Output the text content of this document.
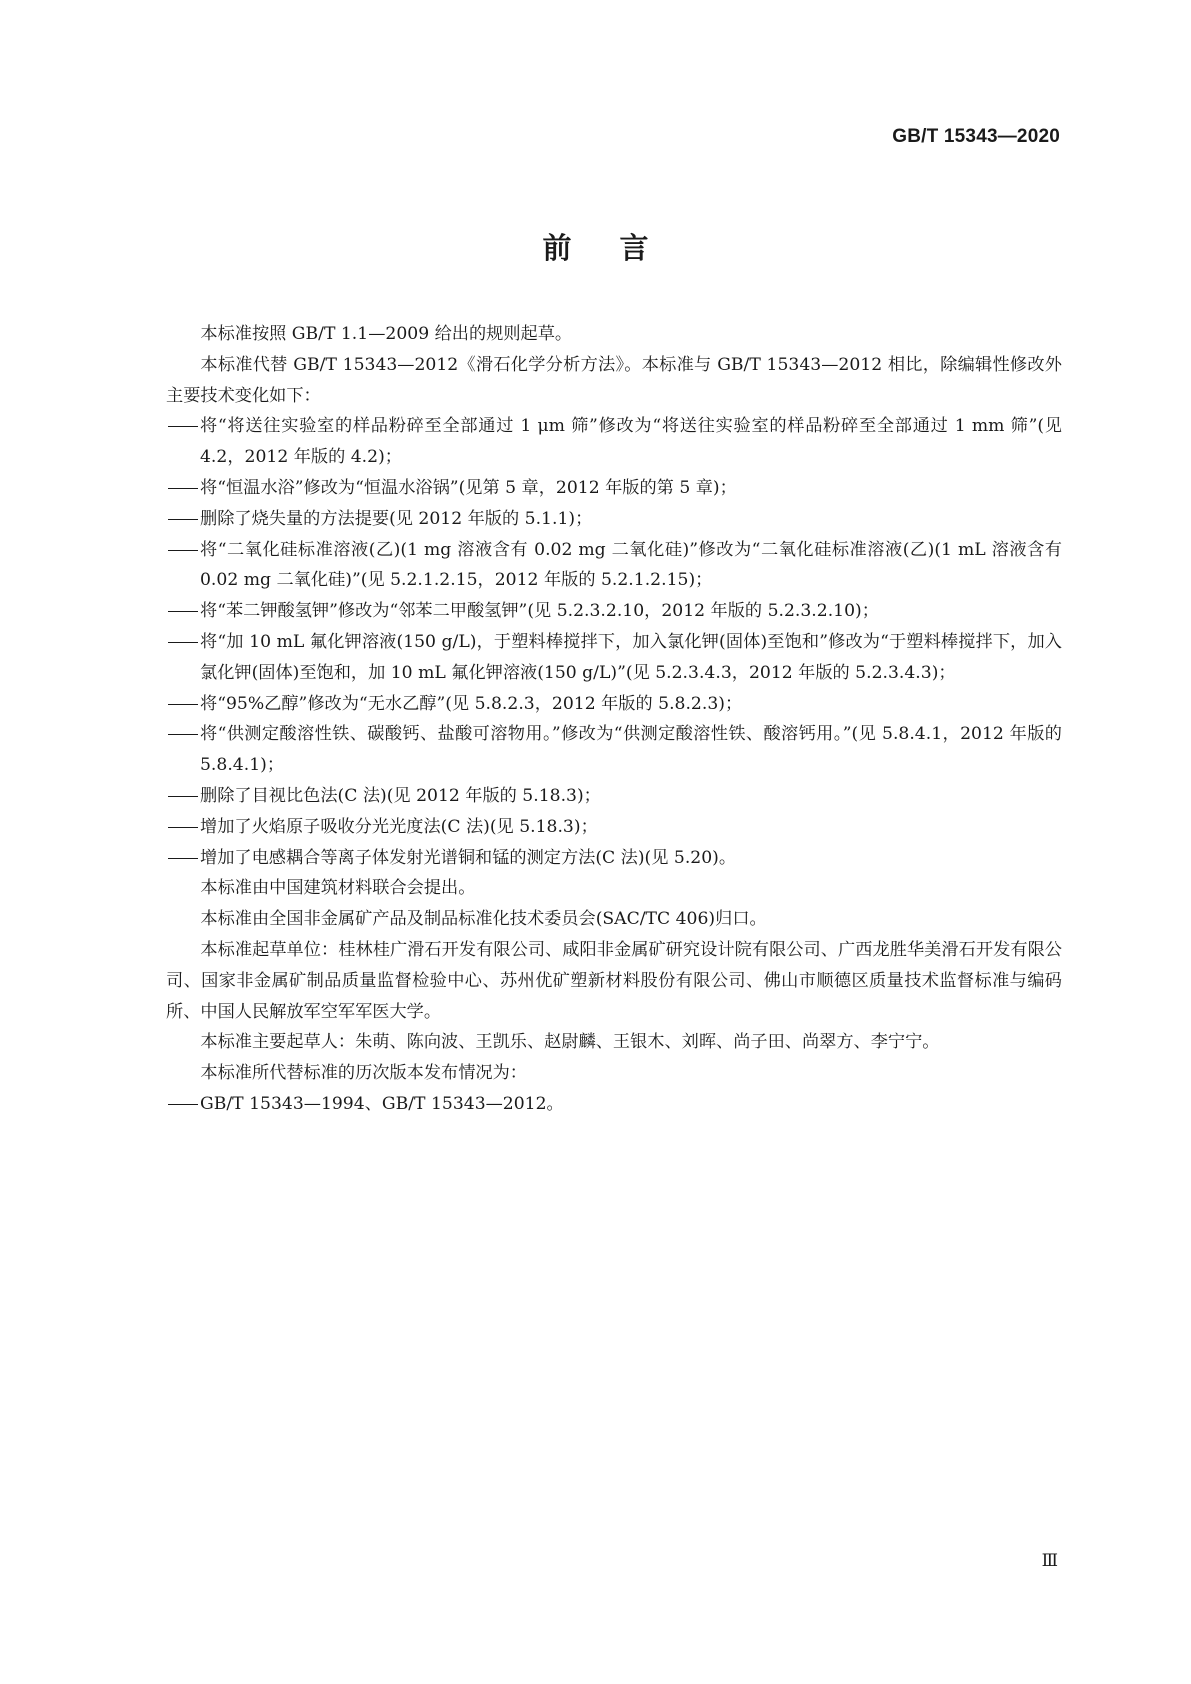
GB/T 15343—2020
前 言

本标准按照 GB/T 1.1—2009 给出的规则起草。

本标准代替 GB/T 15343—2012《滑石化学分析方法》。本标准与 GB/T 15343—2012 相比，除编辑性修改外主要技术变化如下：

将“将送往实验室的样品粉碎至全部通过 1 μm 筛”修改为“将送往实验室的样品粉碎至全部通过 1 mm 筛”(见 4.2，2012 年版的 4.2)；

将“恒温水浴”修改为“恒温水浴锅”(见第 5 章，2012 年版的第 5 章)；

删除了烧失量的方法提要(见 2012 年版的 5.1.1)；

将“二氧化硅标准溶液(乙)(1 mg 溶液含有 0.02 mg 二氧化硅)”修改为“二氧化硅标准溶液(乙)(1 mL 溶液含有 0.02 mg 二氧化硅)”(见 5.2.1.2.15，2012 年版的 5.2.1.2.15)；

将“苯二钾酸氢钾”修改为“邻苯二甲酸氢钾”(见 5.2.3.2.10，2012 年版的 5.2.3.2.10)；

将“加 10 mL 氟化钾溶液(150 g/L)，于塑料棒搅拌下，加入氯化钾(固体)至饱和”修改为“于塑料棒搅拌下，加入氯化钾(固体)至饱和，加 10 mL 氟化钾溶液(150 g/L)”(见 5.2.3.4.3，2012 年版的 5.2.3.4.3)；

将“95%乙醇”修改为“无水乙醇”(见 5.8.2.3，2012 年版的 5.8.2.3)；

将“供测定酸溶性铁、碳酸钙、盐酸可溶物用。”修改为“供测定酸溶性铁、酸溶钙用。”(见 5.8.4.1，2012 年版的 5.8.4.1)；

删除了目视比色法(C 法)(见 2012 年版的 5.18.3)；

增加了火焰原子吸收分光光度法(C 法)(见 5.18.3)；

增加了电感耦合等离子体发射光谱铜和锰的测定方法(C 法)(见 5.20)。

本标准由中国建筑材料联合会提出。

本标准由全国非金属矿产品及制品标准化技术委员会(SAC/TC 406)归口。

本标准起草单位：桂林桂广滑石开发有限公司、咸阳非金属矿研究设计院有限公司、广西龙胜华美滑石开发有限公司、国家非金属矿制品质量监督检验中心、苏州优矿塑新材料股份有限公司、佛山市顺德区质量技术监督标准与编码所、中国人民解放军空军军医大学。

本标准主要起草人：朱萌、陈向波、王凯乐、赵尉麟、王银木、刘晖、尚子田、尚翠方、李宁宁。

本标准所代替标准的历次版本发布情况为：

GB/T 15343—1994、GB/T 15343—2012。

Ⅲ
